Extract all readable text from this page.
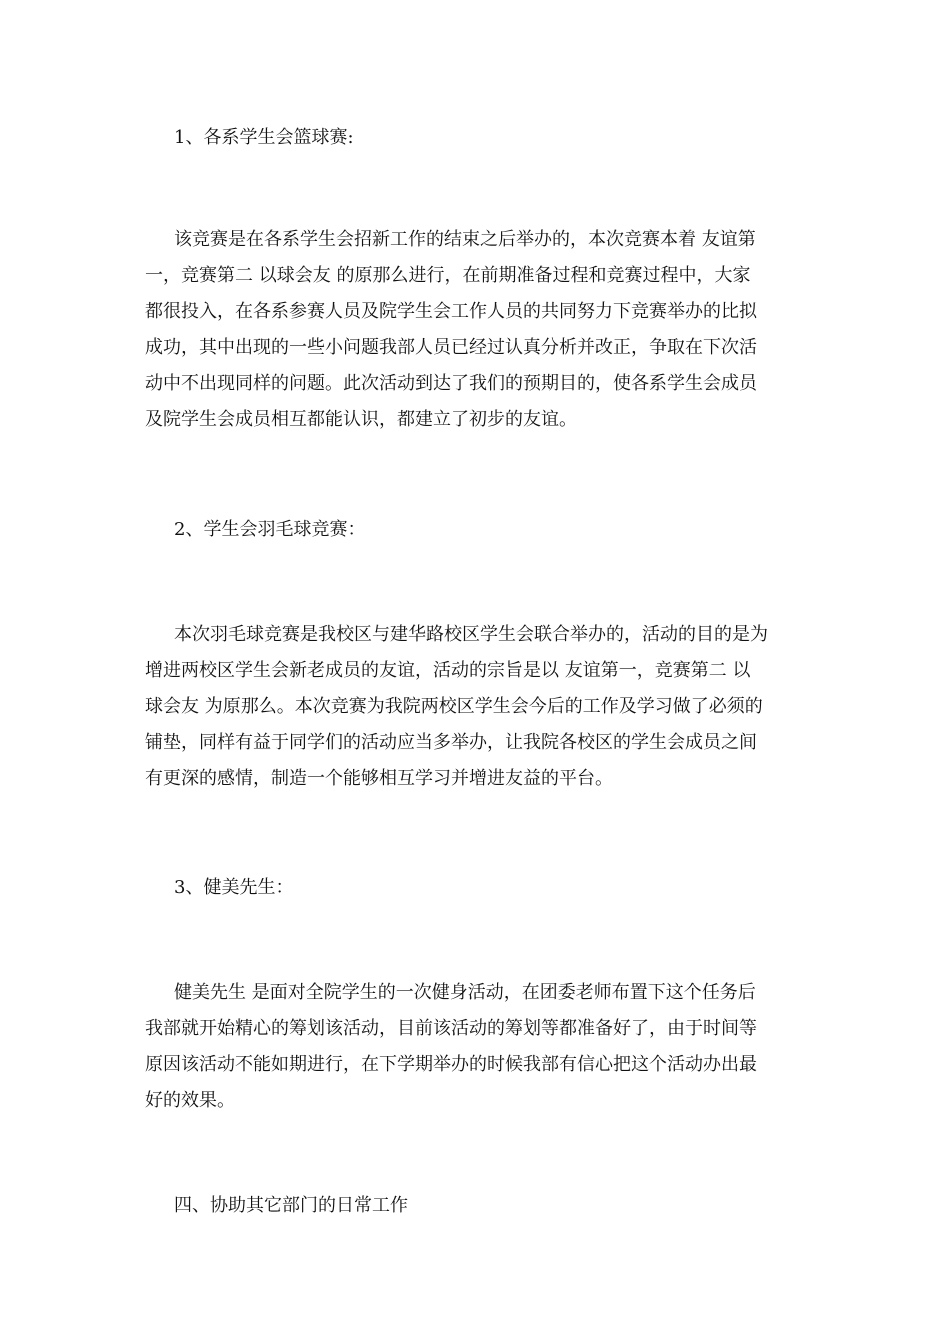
1、各系学生会篮球赛:
该竞赛是在各系学生会招新工作的结束之后举办的，本次竞赛本着 友谊第
一，竞赛第二 以球会友 的原那么进行，在前期准备过程和竞赛过程中，大家
都很投入，在各系参赛人员及院学生会工作人员的共同努力下竞赛举办的比拟
成功，其中出现的一些小问题我部人员已经过认真分析并改正，争取在下次活
动中不出现同样的问题。此次活动到达了我们的预期目的，使各系学生会成员
及院学生会成员相互都能认识，都建立了初步的友谊。
2、学生会羽毛球竞赛：
本次羽毛球竞赛是我校区与建华路校区学生会联合举办的，活动的目的是为
增进两校区学生会新老成员的友谊，活动的宗旨是以 友谊第一，竞赛第二 以
球会友 为原那么。本次竞赛为我院两校区学生会今后的工作及学习做了必须的
铺垫，同样有益于同学们的活动应当多举办，让我院各校区的学生会成员之间
有更深的感情，制造一个能够相互学习并增进友益的平台。
3、健美先生：
健美先生 是面对全院学生的一次健身活动，在团委老师布置下这个任务后
我部就开始精心的筹划该活动，目前该活动的筹划等都准备好了，由于时间等
原因该活动不能如期进行，在下学期举办的时候我部有信心把这个活动办出最
好的效果。
四、协助其它部门的日常工作
